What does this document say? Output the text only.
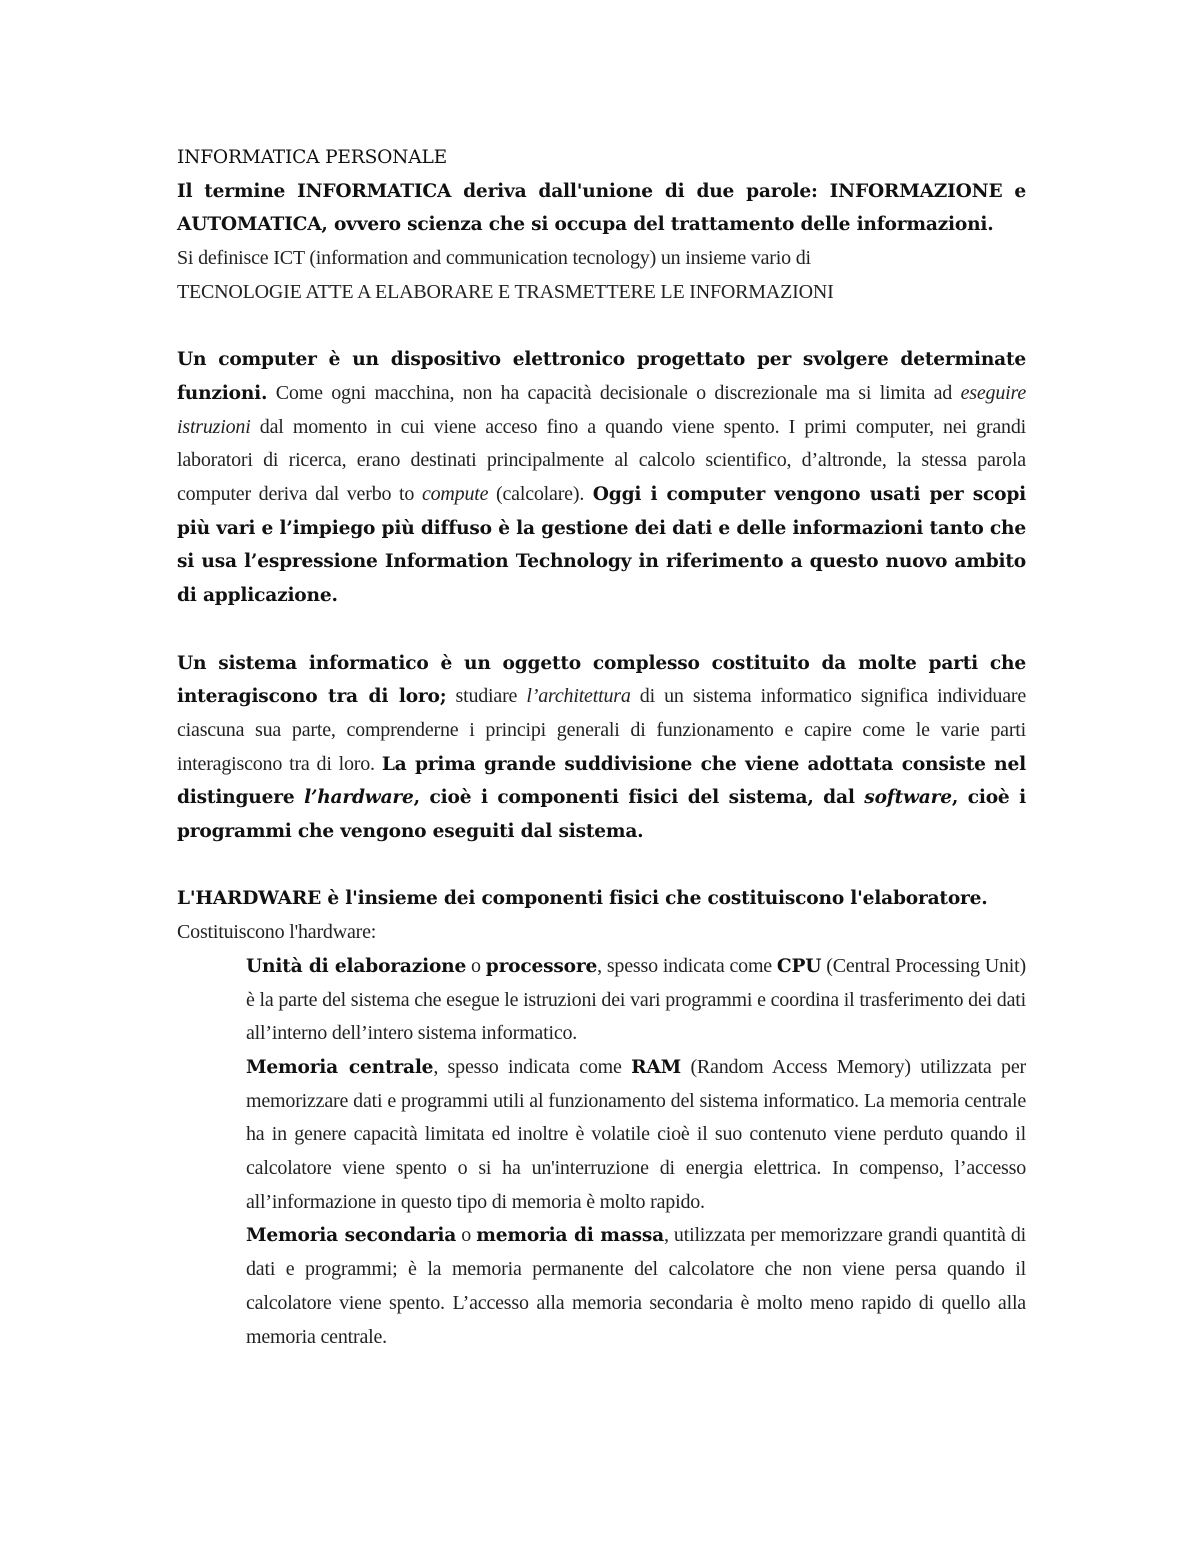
INFORMATICA PERSONALE

Il termine INFORMATICA deriva dall'unione di due parole: INFORMAZIONE e AUTOMATICA, ovvero scienza che si occupa del trattamento delle informazioni.

Si definisce ICT (information and communication tecnology) un insieme vario di
TECNOLOGIE ATTE A ELABORARE E TRASMETTERE LE INFORMAZIONI

Un computer è un dispositivo elettronico progettato per svolgere determinate funzioni. Come ogni macchina, non ha capacità decisionale o discrezionale ma si limita ad eseguire istruzioni dal momento in cui viene acceso fino a quando viene spento. I primi computer, nei grandi laboratori di ricerca, erano destinati principalmente al calcolo scientifico, d’altronde, la stessa parola computer deriva dal verbo to compute (calcolare). Oggi i computer vengono usati per scopi più vari e l’impiego più diffuso è la gestione dei dati e delle informazioni tanto che si usa l’espressione Information Technology in riferimento a questo nuovo ambito di applicazione.

Un sistema informatico è un oggetto complesso costituito da molte parti che interagiscono tra di loro; studiare l’architettura di un sistema informatico significa individuare ciascuna sua parte, comprenderne i principi generali di funzionamento e capire come le varie parti interagiscono tra di loro. La prima grande suddivisione che viene adottata consiste nel distinguere l’hardware, cioè i componenti fisici del sistema, dal software, cioè i programmi che vengono eseguiti dal sistema.

L'HARDWARE è l'insieme dei componenti fisici che costituiscono l'elaboratore.
Costituiscono l'hardware:

Unità di elaborazione o processore, spesso indicata come CPU (Central Processing Unit) è la parte del sistema che esegue le istruzioni dei vari programmi e coordina il trasferimento dei dati all’interno dell’intero sistema informatico.

Memoria centrale, spesso indicata come RAM (Random Access Memory) utilizzata per memorizzare dati e programmi utili al funzionamento del sistema informatico. La memoria centrale ha in genere capacità limitata ed inoltre è volatile cioè il suo contenuto viene perduto quando il calcolatore viene spento o si ha un'interruzione di energia elettrica. In compenso, l’accesso all’informazione in questo tipo di memoria è molto rapido.

Memoria secondaria o memoria di massa, utilizzata per memorizzare grandi quantità di dati e programmi; è la memoria permanente del calcolatore che non viene persa quando il calcolatore viene spento. L’accesso alla memoria secondaria è molto meno rapido di quello alla memoria centrale.
